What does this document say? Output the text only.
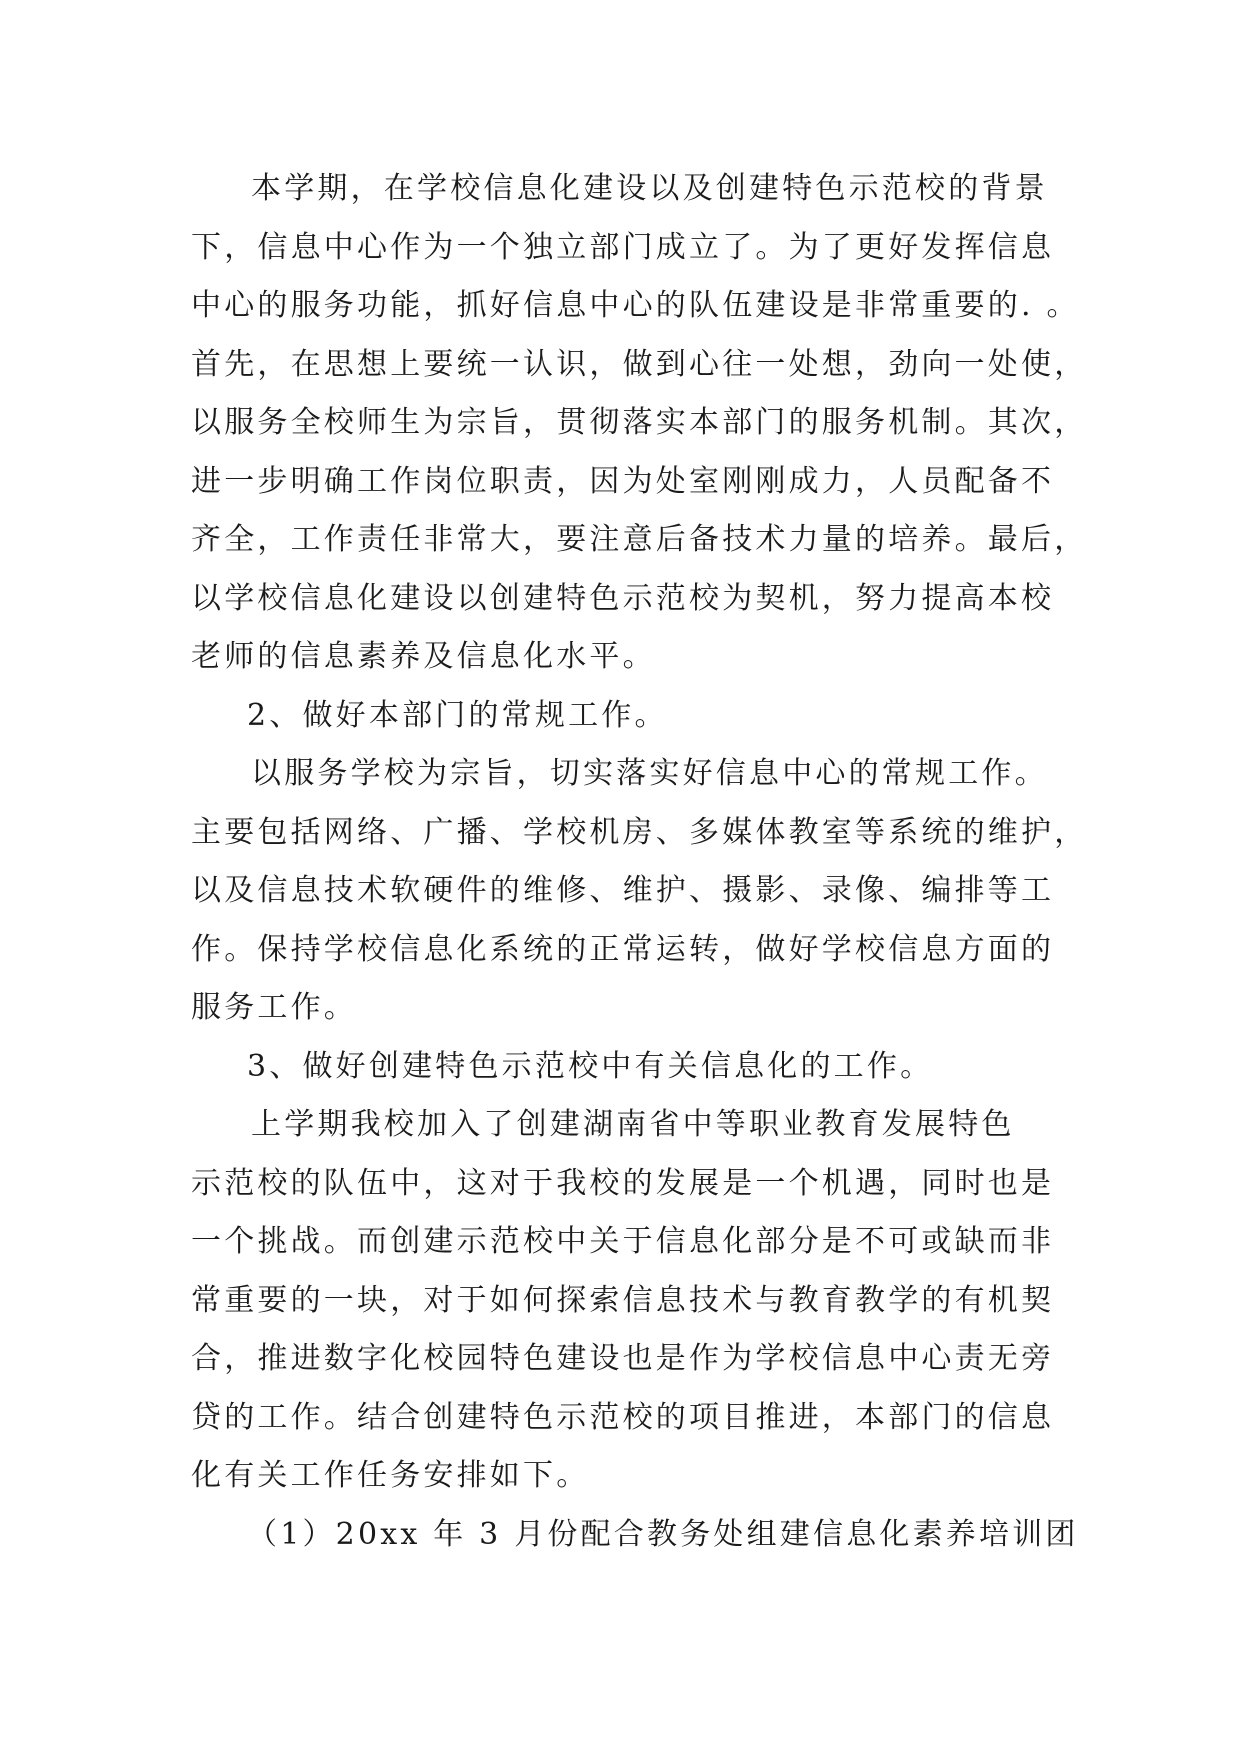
本学期，在学校信息化建设以及创建特色示范校的背景
下，信息中心作为一个独立部门成立了。为了更好发挥信息
中心的服务功能，抓好信息中心的队伍建设是非常重要的. 。
首先，在思想上要统一认识，做到心往一处想，劲向一处使，
以服务全校师生为宗旨，贯彻落实本部门的服务机制。其次，
进一步明确工作岗位职责，因为处室刚刚成力，人员配备不
齐全，工作责任非常大，要注意后备技术力量的培养。最后，
以学校信息化建设以创建特色示范校为契机，努力提高本校
老师的信息素养及信息化水平。
2、做好本部门的常规工作。
以服务学校为宗旨，切实落实好信息中心的常规工作。
主要包括网络、广播、学校机房、多媒体教室等系统的维护，
以及信息技术软硬件的维修、维护、摄影、录像、编排等工
作。保持学校信息化系统的正常运转，做好学校信息方面的
服务工作。
3、做好创建特色示范校中有关信息化的工作。
上学期我校加入了创建湖南省中等职业教育发展特色
示范校的队伍中，这对于我校的发展是一个机遇，同时也是
一个挑战。而创建示范校中关于信息化部分是不可或缺而非
常重要的一块，对于如何探索信息技术与教育教学的有机契
合，推进数字化校园特色建设也是作为学校信息中心责无旁
贷的工作。结合创建特色示范校的项目推进，本部门的信息
化有关工作任务安排如下。
（1）20xx 年 3 月份配合教务处组建信息化素养培训团
